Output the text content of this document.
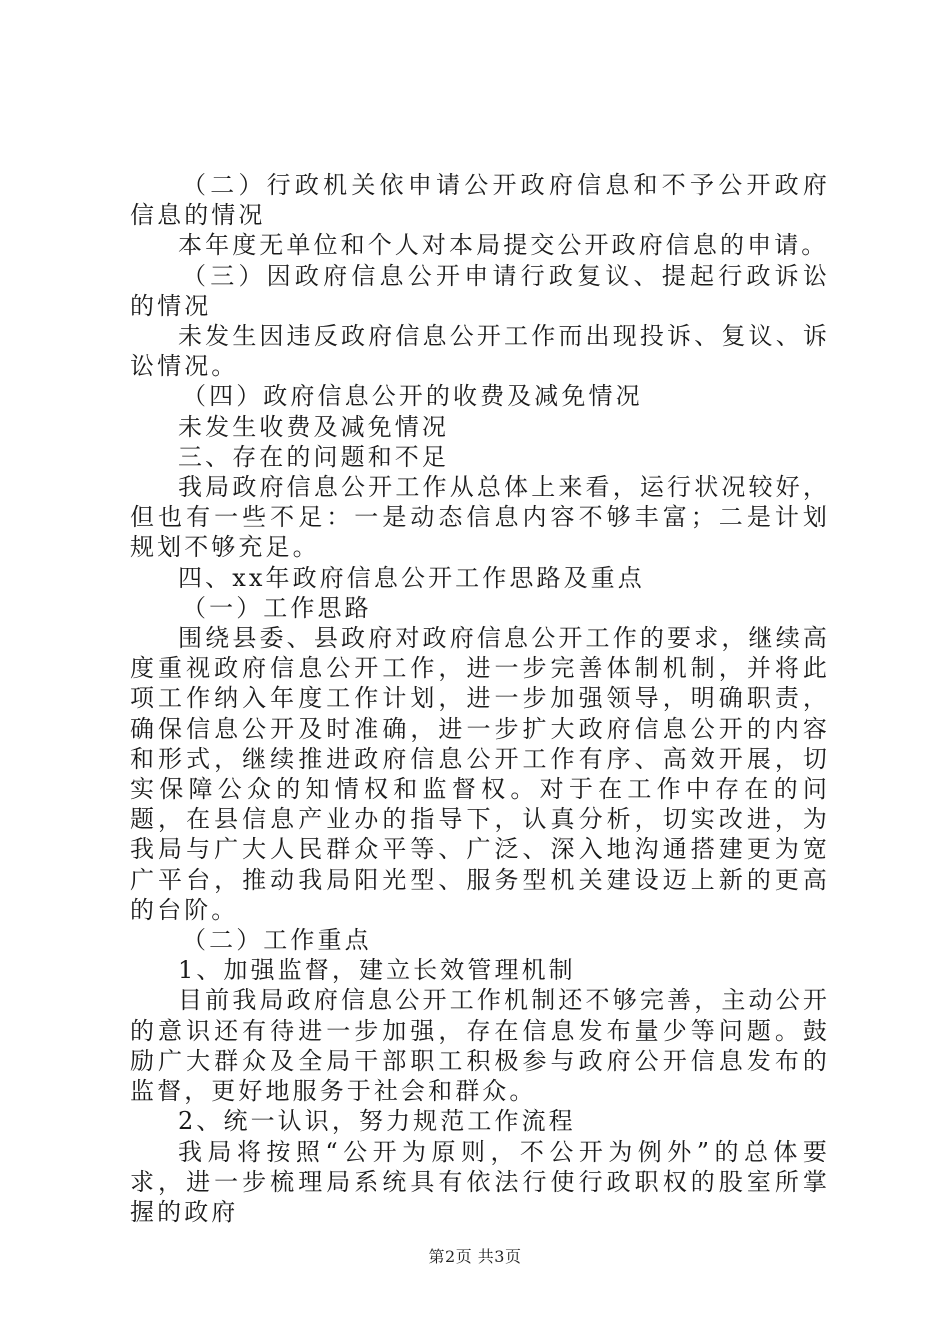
（二）行政机关依申请公开政府信息和不予公开政府信息的情况

本年度无单位和个人对本局提交公开政府信息的申请。

（三）因政府信息公开申请行政复议、提起行政诉讼的情况

未发生因违反政府信息公开工作而出现投诉、复议、诉讼情况。

（四）政府信息公开的收费及减免情况

未发生收费及减免情况

三、存在的问题和不足

我局政府信息公开工作从总体上来看，运行状况较好，但也有一些不足：一是动态信息内容不够丰富；二是计划规划不够充足。

四、xx年政府信息公开工作思路及重点

（一）工作思路

围绕县委、县政府对政府信息公开工作的要求，继续高度重视政府信息公开工作，进一步完善体制机制，并将此项工作纳入年度工作计划，进一步加强领导，明确职责，确保信息公开及时准确，进一步扩大政府信息公开的内容和形式，继续推进政府信息公开工作有序、高效开展，切实保障公众的知情权和监督权。对于在工作中存在的问题，在县信息产业办的指导下，认真分析，切实改进，为我局与广大人民群众平等、广泛、深入地沟通搭建更为宽广平台，推动我局阳光型、服务型机关建设迈上新的更高的台阶。

（二）工作重点

1、加强监督，建立长效管理机制

目前我局政府信息公开工作机制还不够完善，主动公开的意识还有待进一步加强，存在信息发布量少等问题。鼓励广大群众及全局干部职工积极参与政府公开信息发布的监督，更好地服务于社会和群众。

2、统一认识，努力规范工作流程

我局将按照“公开为原则，不公开为例外”的总体要求，进一步梳理局系统具有依法行使行政职权的股室所掌握的政府

第2页 共3页
